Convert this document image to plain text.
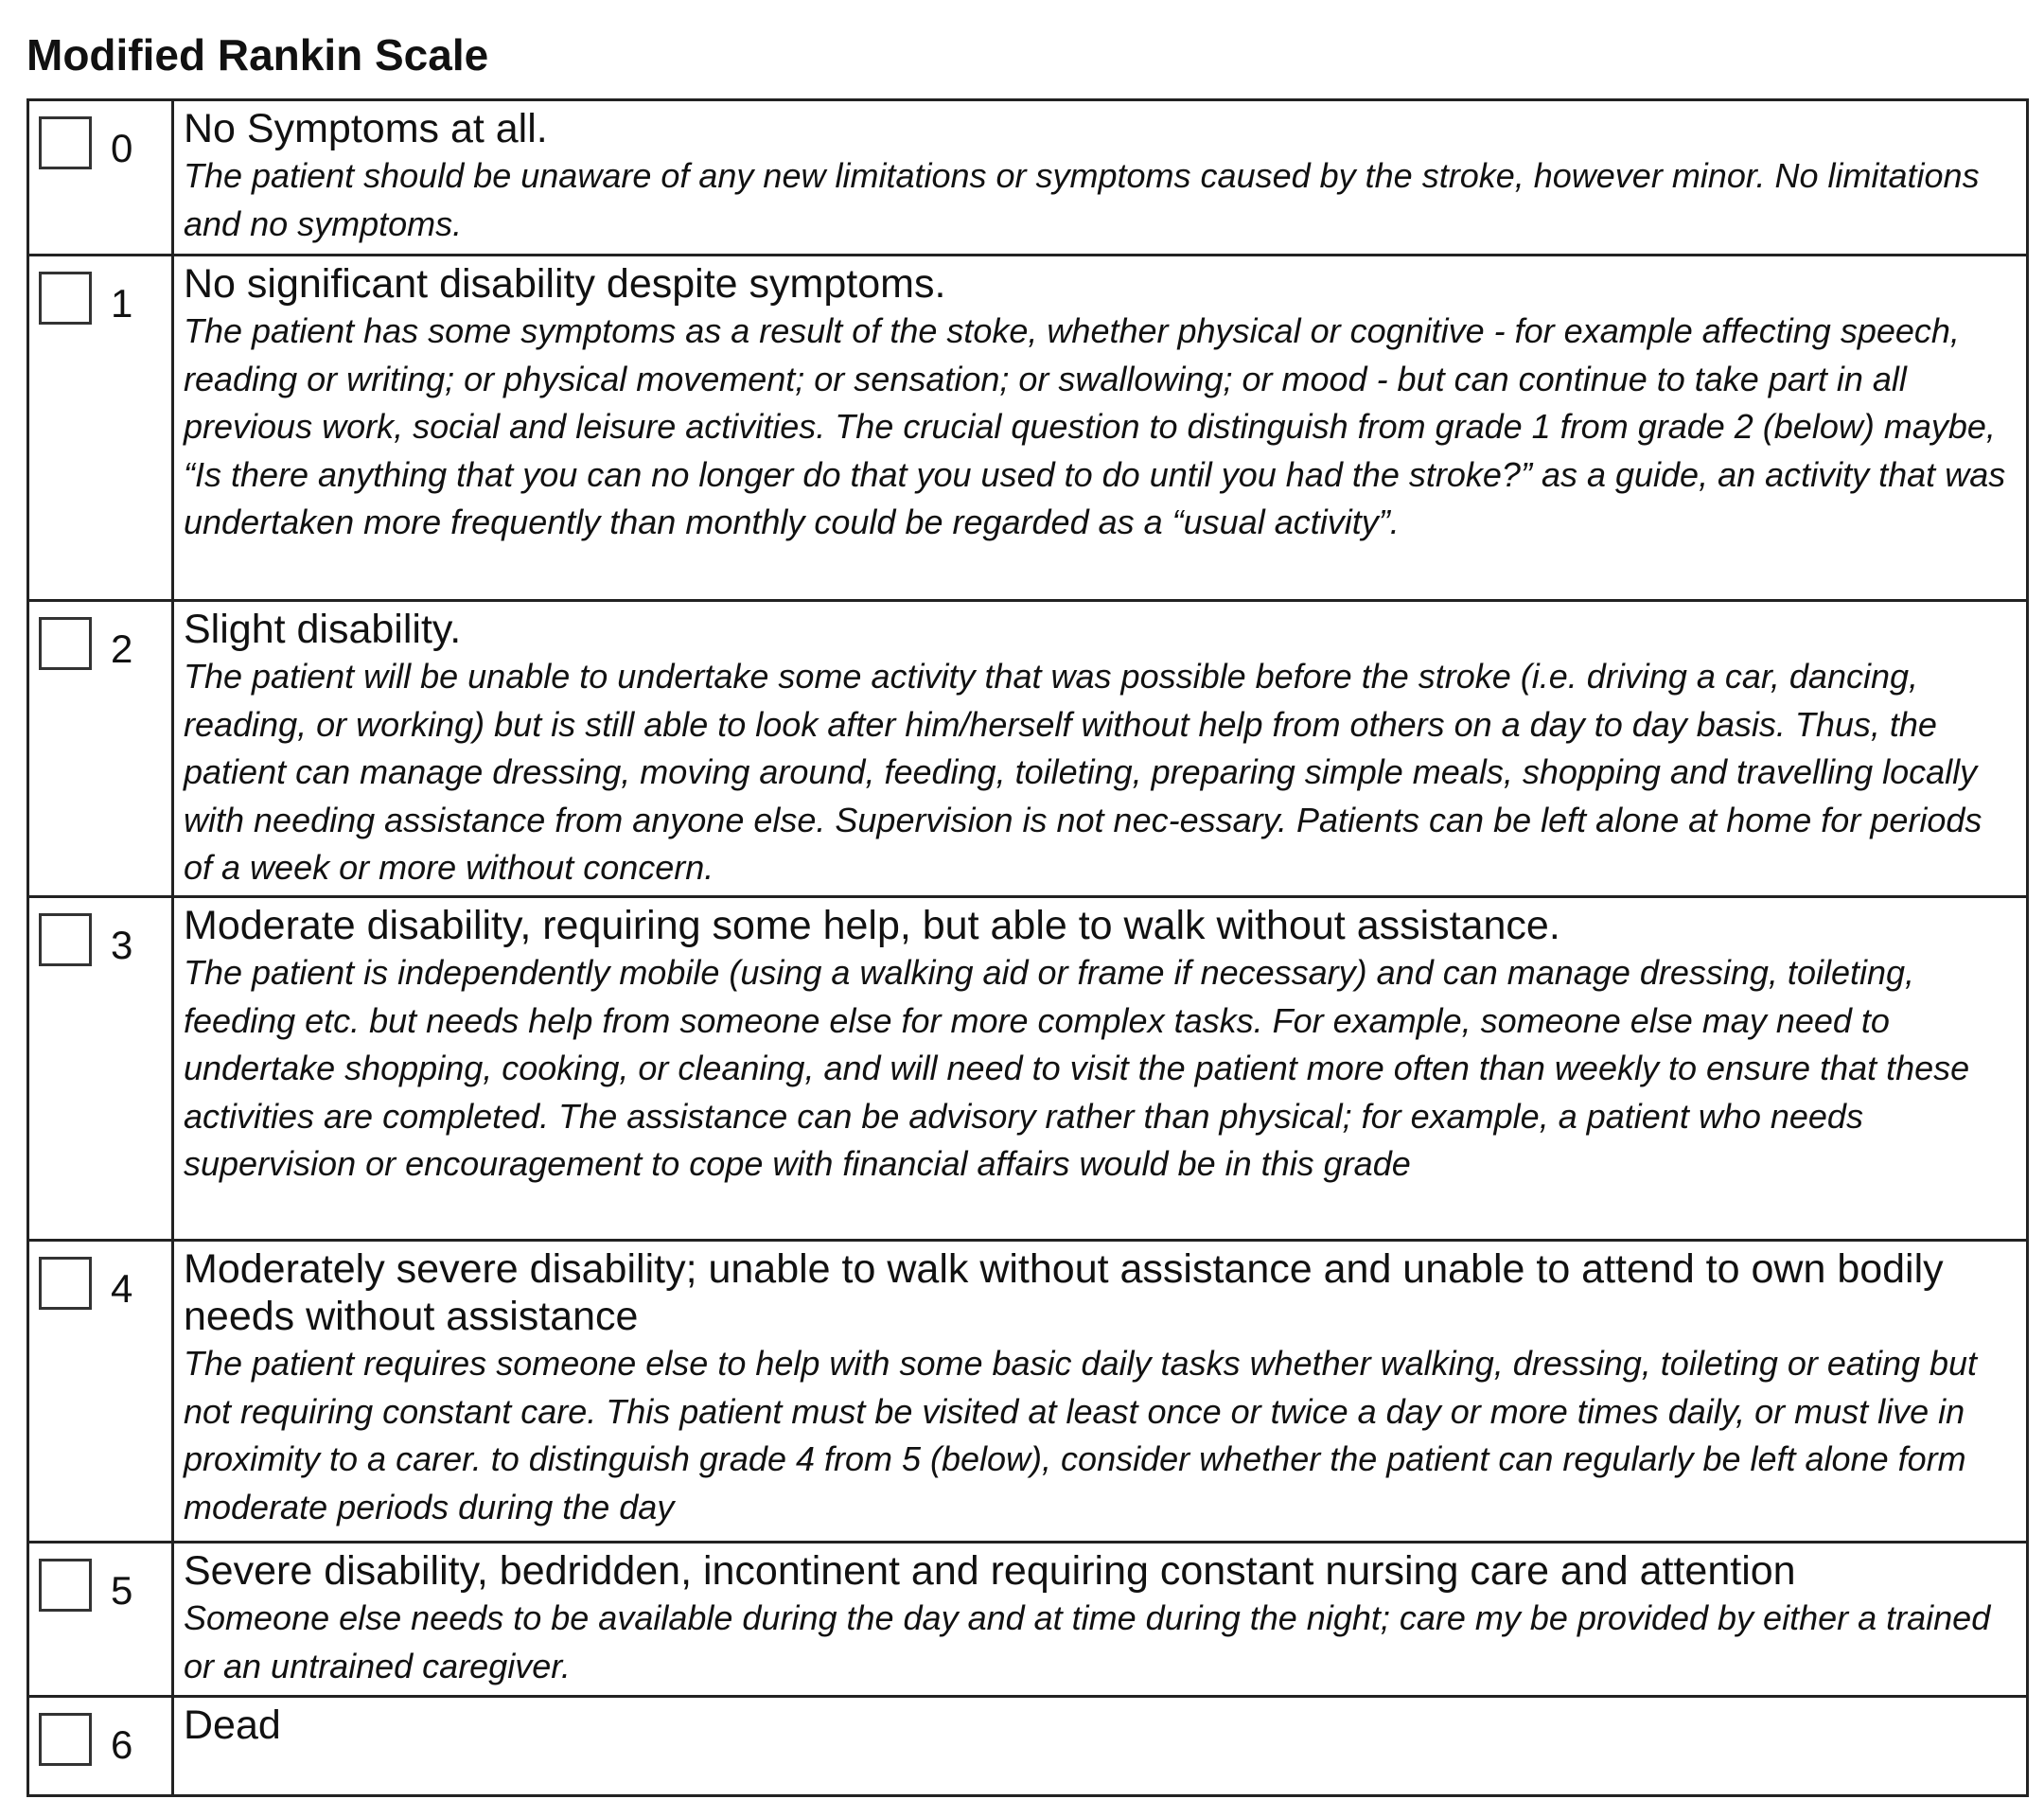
Modified Rankin Scale
0	No Symptoms at all.
The patient should be unaware of any new limitations or symptoms caused by the stroke, however minor. No limitations and no symptoms.

1	No significant disability despite symptoms.
The patient has some symptoms as a result of the stoke, whether physical or cognitive - for example affecting speech, reading or writing; or physical movement; or sensation; or swallowing; or mood - but can continue to take part in all previous work, social and leisure activities. The crucial question to distinguish from grade 1 from grade 2 (below) maybe, “Is there anything that you can no longer do that you used to do until you had the stroke?” as a guide, an activity that was undertaken more frequently than monthly could be regarded as a “usual activity”.

2	Slight disability.
The patient will be unable to undertake some activity that was possible before the stroke (i.e. driving a car, dancing, reading, or working) but is still able to look after him/herself without help from others on a day to day basis. Thus, the patient can manage dressing, moving around, feeding, toileting, preparing simple meals, shopping and travelling locally with needing assistance from anyone else. Supervision is not nec-essary. Patients can be left alone at home for periods of a week or more without concern.

3	Moderate disability, requiring some help, but able to walk without assistance.
The patient is independently mobile (using a walking aid or frame if necessary) and can manage dressing, toileting, feeding etc. but needs help from someone else for more complex tasks. For example, someone else may need to undertake shopping, cooking, or cleaning, and will need to visit the patient more often than weekly to ensure that these activities are completed. The assistance can be advisory rather than physical; for example, a patient who needs supervision or encouragement to cope with financial affairs would be in this grade

4	Moderately severe disability; unable to walk without assistance and unable to attend to own bodily needs without assistance
The patient requires someone else to help with some basic daily tasks whether walking, dressing, toileting or eating but not requiring constant care. This patient must be visited at least once or twice a day or more times daily, or must live in proximity to a carer. to distinguish grade 4 from 5 (below), consider whether the patient can regularly be left alone form moderate periods during the day

5	Severe disability, bedridden, incontinent and requiring constant nursing care and attention
Someone else needs to be available during the day and at time during the night; care my be provided by either a trained or an untrained caregiver.

6	Dead
